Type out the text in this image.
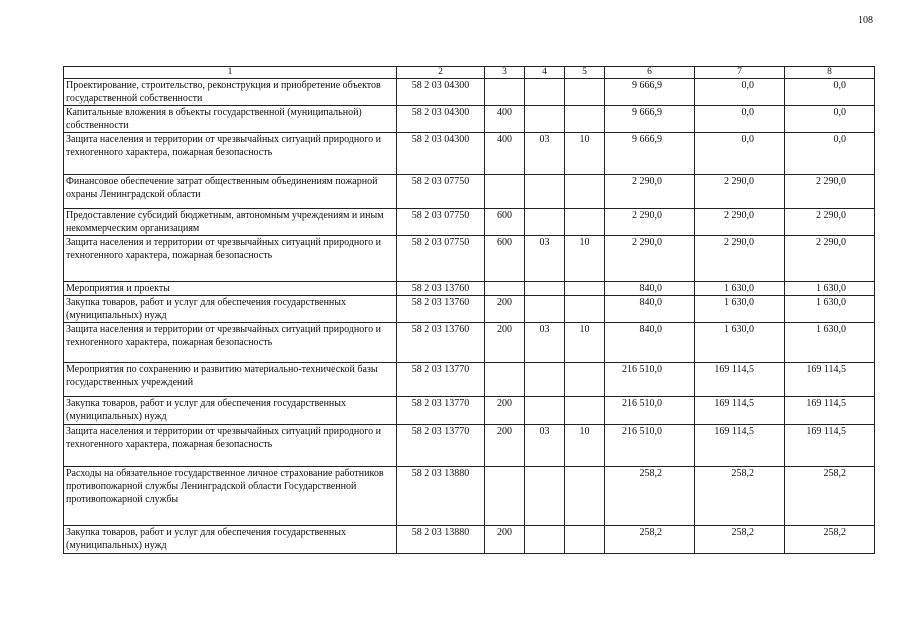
108
1	2	3	4	5	6	7	8
Проектирование, строительство, реконструкция и приобретение объектов государственной собственности	58 2 03 04300				9 666,9	0,0	0,0
Капитальные вложения в объекты государственной (муниципальной) собственности	58 2 03 04300	400			9 666,9	0,0	0,0
Защита населения и территории от чрезвычайных ситуаций природного и техногенного характера, пожарная безопасность	58 2 03 04300	400	03	10	9 666,9	0,0	0,0
Финансовое обеспечение затрат общественным объединениям пожарной охраны Ленинградской области	58 2 03 07750				2 290,0	2 290,0	2 290,0
Предоставление субсидий бюджетным, автономным учреждениям и иным некоммерческим организациям	58 2 03 07750	600			2 290,0	2 290,0	2 290,0
Защита населения и территории от чрезвычайных ситуаций природного и техногенного характера, пожарная безопасность	58 2 03 07750	600	03	10	2 290,0	2 290,0	2 290,0
Мероприятия и проекты	58 2 03 13760				840,0	1 630,0	1 630,0
Закупка товаров, работ и услуг для обеспечения государственных (муниципальных) нужд	58 2 03 13760	200			840,0	1 630,0	1 630,0
Защита населения и территории от чрезвычайных ситуаций природного и техногенного характера, пожарная безопасность	58 2 03 13760	200	03	10	840,0	1 630,0	1 630,0
Мероприятия по сохранению и развитию материально-технической базы государственных учреждений	58 2 03 13770				216 510,0	169 114,5	169 114,5
Закупка товаров, работ и услуг для обеспечения государственных (муниципальных) нужд	58 2 03 13770	200			216 510,0	169 114,5	169 114,5
Защита населения и территории от чрезвычайных ситуаций природного и техногенного характера, пожарная безопасность	58 2 03 13770	200	03	10	216 510,0	169 114,5	169 114,5
Расходы на обязательное государственное личное страхование работников противопожарной службы Ленинградской области Государственной противопожарной службы	58 2 03 13880				258,2	258,2	258,2
Закупка товаров, работ и услуг для обеспечения государственных (муниципальных) нужд	58 2 03 13880	200			258,2	258,2	258,2
